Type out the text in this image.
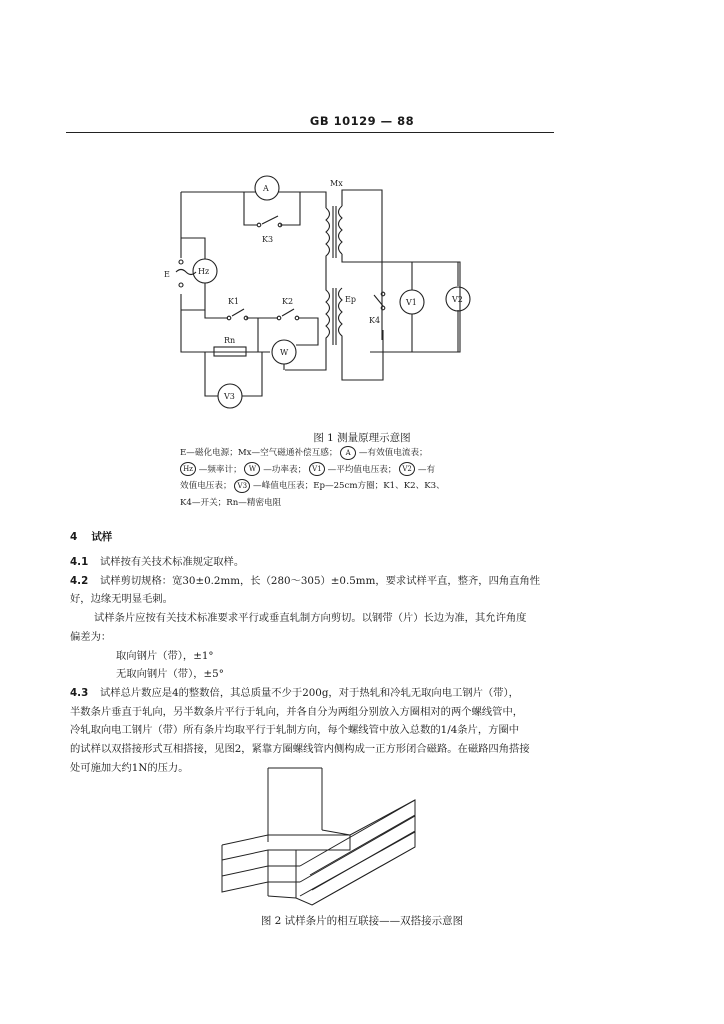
GB 10129 — 88
A
Mx
K3
E	Hz
K1	K2
Rn
W
Ep
K4
V1	V2
V3
图 1 测量原理示意图
E—磁化电源；Mx—空气磁通补偿互感； A —有效值电流表；
Hz —频率计； W —功率表； V1 —平均值电压表； V2 —有
效值电压表； V3 —峰值电压表；Ep—25cm方圈；K1、K2、K3、
K4—开关；Rn—精密电阻
4 试样
4.1 试样按有关技术标准规定取样。
4.2 试样剪切规格：宽30±0.2mm，长（280～305）±0.5mm，要求试样平直，整齐，四角直角性
好，边缘无明显毛刺。
试样条片应按有关技术标准要求平行或垂直轧制方向剪切。以钢带（片）长边为准，其允许角度
偏差为：
取向钢片（带），±1°
无取向钢片（带），±5°
4.3 试样总片数应是4的整数倍，其总质量不少于200g，对于热轧和冷轧无取向电工钢片（带），
半数条片垂直于轧向，另半数条片平行于轧向，并各自分为两组分别放入方圈相对的两个螺线管中，
冷轧取向电工钢片（带）所有条片均取平行于轧制方向，每个螺线管中放入总数的1/4条片，方圈中
的试样以双搭接形式互相搭接，见图2，紧靠方圈螺线管内侧构成一正方形闭合磁路。在磁路四角搭接
处可施加大约1N的压力。
图 2 试样条片的相互联接——双搭接示意图
